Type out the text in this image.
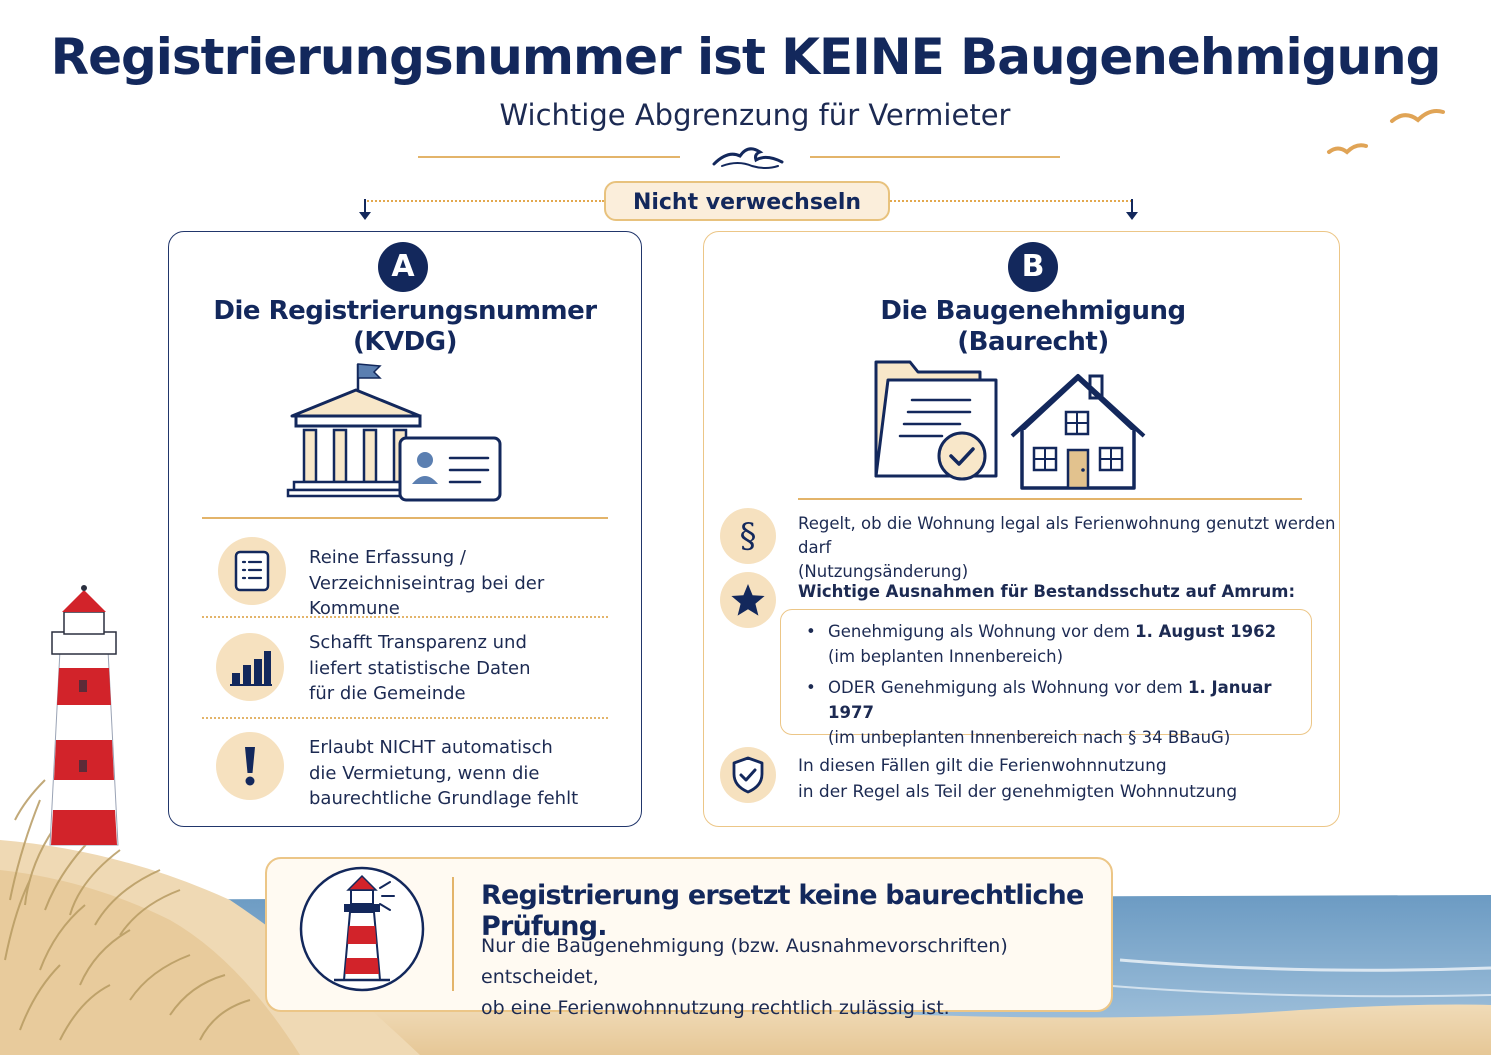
Registrierungsnummer ist KEINE Baugenehmigung
Wichtige Abgrenzung für Vermieter
Nicht verwechseln
A
Die Registrierungsnummer
(KVDG)
Reine Erfassung /
Verzeichniseintrag bei der Kommune
Schafft Transparenz und
liefert statistische Daten
für die Gemeinde
Erlaubt NICHT automatisch
die Vermietung, wenn die
baurechtliche Grundlage fehlt
B
Die Baugenehmigung
(Baurecht)
§	Regelt, ob die Wohnung legal als Ferienwohnung genutzt werden darf
(Nutzungsänderung)
Wichtige Ausnahmen für Bestandsschutz auf Amrum:
• Genehmigung als Wohnung vor dem 1. August 1962
(im beplanten Innenbereich)
• ODER Genehmigung als Wohnung vor dem 1. Januar 1977
(im unbeplanten Innenbereich nach § 34 BBauG)
In diesen Fällen gilt die Ferienwohnnutzung
in der Regel als Teil der genehmigten Wohnnutzung
Registrierung ersetzt keine baurechtliche Prüfung.
Nur die Baugenehmigung (bzw. Ausnahmevorschriften) entscheidet,
ob eine Ferienwohnnutzung rechtlich zulässig ist.
